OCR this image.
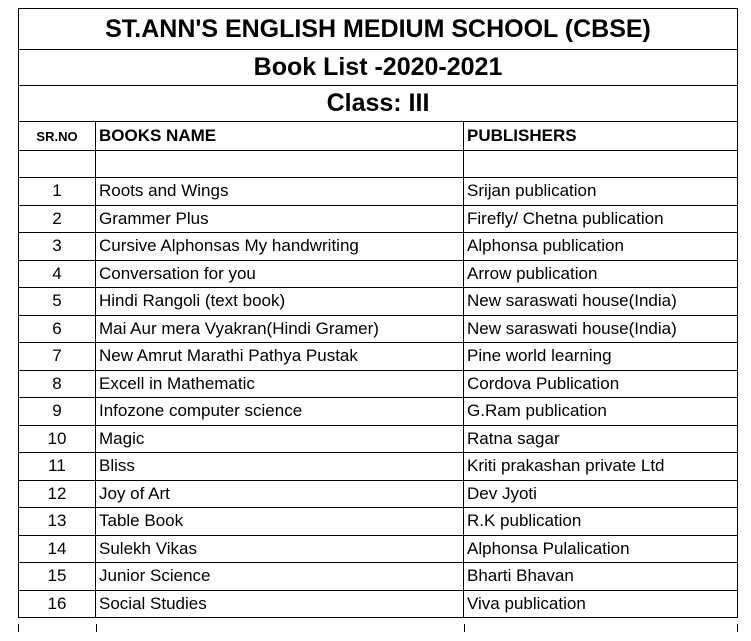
ST.ANN'S ENGLISH MEDIUM SCHOOL (CBSE)		
Book List -2020-2021		
Class: III		
SR.NO	BOOKS NAME	PUBLISHERS

1	Roots and Wings	Srijan publication
2	Grammer Plus	Firefly/ Chetna publication
3	Cursive Alphonsas My handwriting	Alphonsa publication
4	Conversation for you	Arrow publication
5	Hindi Rangoli (text book)	New saraswati house(India)
6	Mai Aur mera Vyakran(Hindi Gramer)	New saraswati house(India)
7	New Amrut Marathi Pathya Pustak	Pine world learning
8	Excell in Mathematic	Cordova Publication
9	Infozone computer science	G.Ram publication
10	Magic	Ratna sagar
11	Bliss	Kriti prakashan private Ltd
12	Joy of Art	Dev Jyoti
13	Table Book	R.K publication
14	Sulekh Vikas	Alphonsa Pulalication
15	Junior Science	Bharti Bhavan
16	Social Studies	Viva publication
